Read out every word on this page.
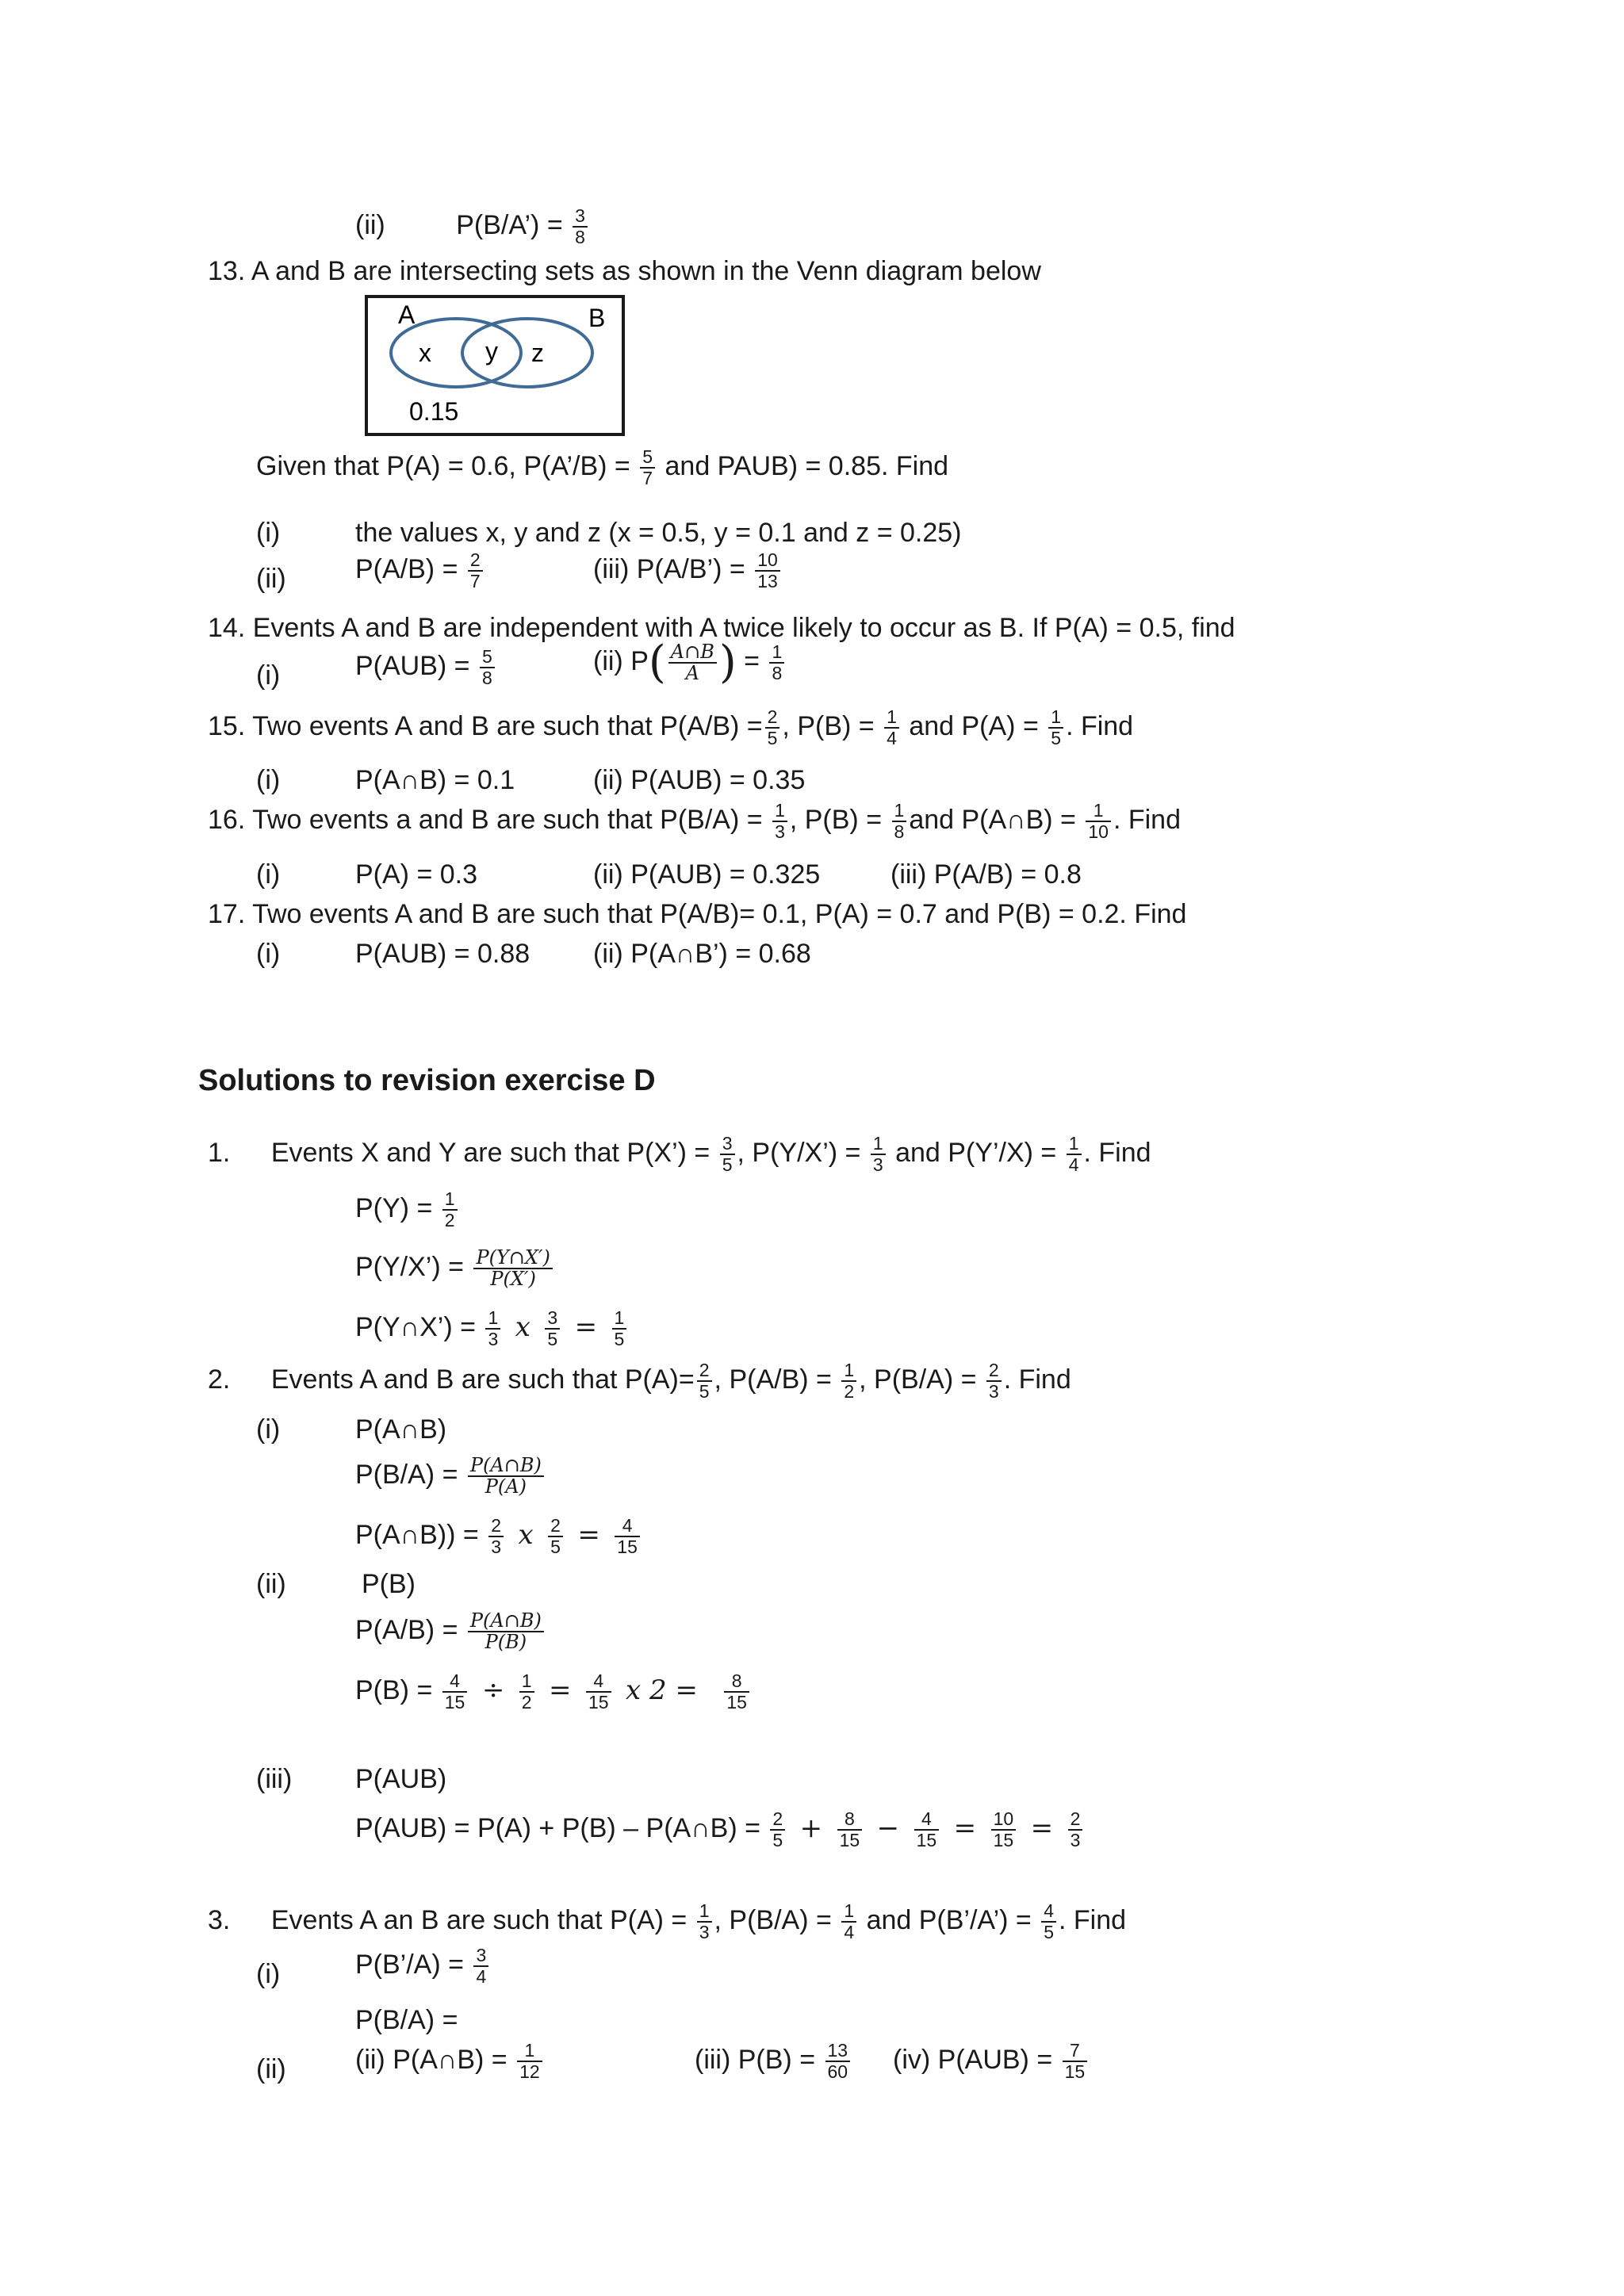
(ii)	P(B/A’) = $\frac{3}{8}$
13. A and B are intersecting sets as shown in the Venn diagram below
A	B
x y z
0.15
Given that P(A) = 0.6, P(A’/B) = $\frac{5}{7}$ and PAUB) = 0.85. Find
(i)	the values x, y and z (x = 0.5, y = 0.1 and z = 0.25)
(ii)	$P(A/B) = \frac{2}{7}$	(iii) P(A/B’) = $\frac{10}{13}$
14. Events A and B are independent with A twice likely to occur as B. If P(A) = 0.5, find
(i)	$P(AUB) = \frac{5}{8}$	(ii) $P( \frac{A\cap B}{A}$ ) = $\frac{1}{8}$
15. Two events A and B are such that $P(A/B) = \frac{2}{5}$ , $P(B) = \frac{1}{4}$ and $P(A) = \frac{1}{5}$ . Find
(i)	P(A∩B) = 0.1	(ii) P(AUB) = 0.35
16. Two events a and B are such that $P(B/A) = \frac{1}{3}$ , $P(B) = \frac{1}{8}$ and P(A∩B) = $\frac{1}{10}$ . Find
(i)	P(A) = 0.3	(ii) P(AUB) = 0.325	(iii) P(A/B) = 0.8
17. Two events A and B are such that P(A/B)= 0.1, P(A) = 0.7 and P(B) = 0.2. Find
(i)	P(AUB) = 0.88 (ii) P(A∩B’) = 0.68
Solutions to revision exercise D
1. Events X and Y are such that P(X’) = $\frac{3}{5}$ , P(Y/X’) = $\frac{1}{3}$ and P(Y’/X) = $\frac{1}{4}$ . Find
$P(Y) = \frac{1}{2}$
P(Y/X’) = $\frac{P(Y\cap X')}{P(X')}$
P(Y∩X’) = $\frac{1}{3}$ x $\frac{3}{5} = \frac{1}{5}$
2. Events A and B are such that $P(A)= \frac{2}{5}$ , $P(A/B) = \frac{1}{2}$ , $P(B/A) = \frac{2}{3}$ . Find
(i)	P(A∩B)
$P(B/A) = \frac{P(A\cap B)}{P(A)}$
P(A∩B)) = $\frac{2}{3}$ x $\frac{2}{5} = \frac{4}{15}$
(ii)	P(B)
$P(A/B) = \frac{P(A\cap B)}{P(B)}$
$P(B) = \frac{4}{15} \div \frac{1}{2} = \frac{4}{15}$ x $2 = \frac{8}{15}$
(iii) P(AUB)
P(AUB) = P(A) + P(B) – P(A∩B) = $\frac{2}{5} + \frac{8}{15} - \frac{4}{15} = \frac{10}{15} = \frac{2}{3}$
3. Events A an B are such that $P(A) = \frac{1}{3}$ , $P(B/A) = \frac{1}{4}$ and P(B’/A’) = $\frac{4}{5}$ . Find
(i)	P(B’/A) = $\frac{3}{4}$
P(B/A) =
(ii)	(ii) P(A∩B) = $\frac{1}{12}$	(iii) $P(B) = \frac{13}{60} (iv) P(AUB) = \frac{7}{15}$
